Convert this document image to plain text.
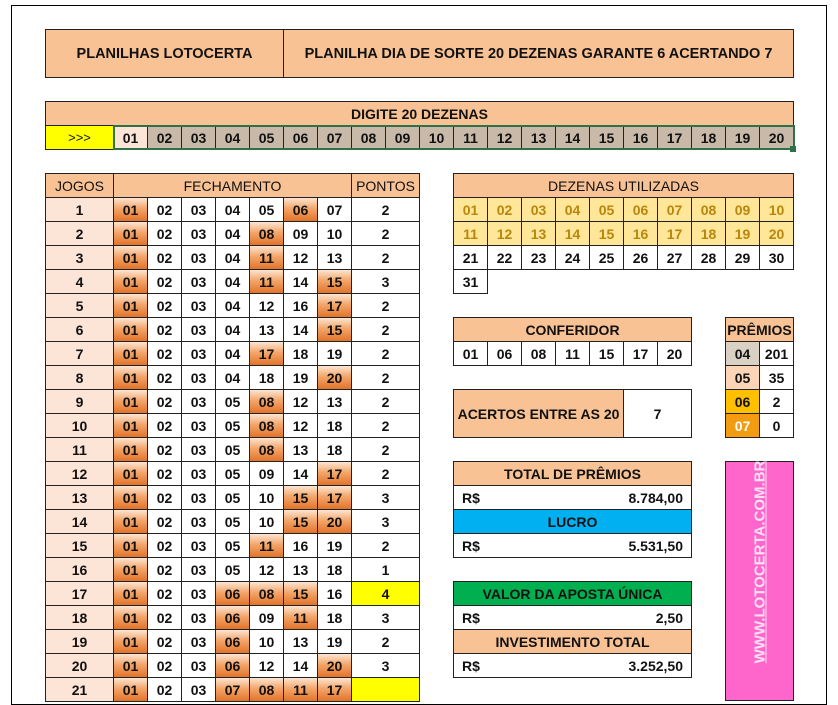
PLANILHAS LOTOCERTA	PLANILHA DIA DE SORTE 20 DEZENAS GARANTE 6 ACERTANDO 7
DIGITE 20 DEZENAS
>>>	01	02	03	04	05	06	07	08	09	10	11	12	13	14	15	16	17	18	19	20
JOGOS	FECHAMENTO	PONTOS
1	01	02	03	04	05	06	07	2
2	01	02	03	04	08	09	10	2
3	01	02	03	04	11	12	13	2
4	01	02	03	04	11	14	15	3
5	01	02	03	04	12	16	17	2
6	01	02	03	04	13	14	15	2
7	01	02	03	04	17	18	19	2
8	01	02	03	04	18	19	20	2
9	01	02	03	05	08	12	13	2
10	01	02	03	05	08	12	18	2
11	01	02	03	05	08	13	18	2
12	01	02	03	05	09	14	17	2
13	01	02	03	05	10	15	17	3
14	01	02	03	05	10	15	20	3
15	01	02	03	05	11	16	19	2
16	01	02	03	05	12	13	18	1
17	01	02	03	06	08	15	16	4
18	01	02	03	06	09	11	18	3
19	01	02	03	06	10	13	19	2
20	01	02	03	06	12	14	20	3
21	01	02	03	07	08	11	17
DEZENAS UTILIZADAS
01	02	03	04	05	06	07	08	09	10
11	12	13	14	15	16	17	18	19	20
21	22	23	24	25	26	27	28	29	30
31
CONFERIDOR
01	06	08	11	15	17	20
ACERTOS ENTRE AS 20	7
PRÊMIOS
04	201
05	35
06	2
07	0
TOTAL DE PRÊMIOS
R$	8.784,00
LUCRO
R$	5.531,50
VALOR DA APOSTA ÚNICA
R$	2,50
INVESTIMENTO TOTAL
R$	3.252,50
WWW.LOTOCERTA.COM.BR
